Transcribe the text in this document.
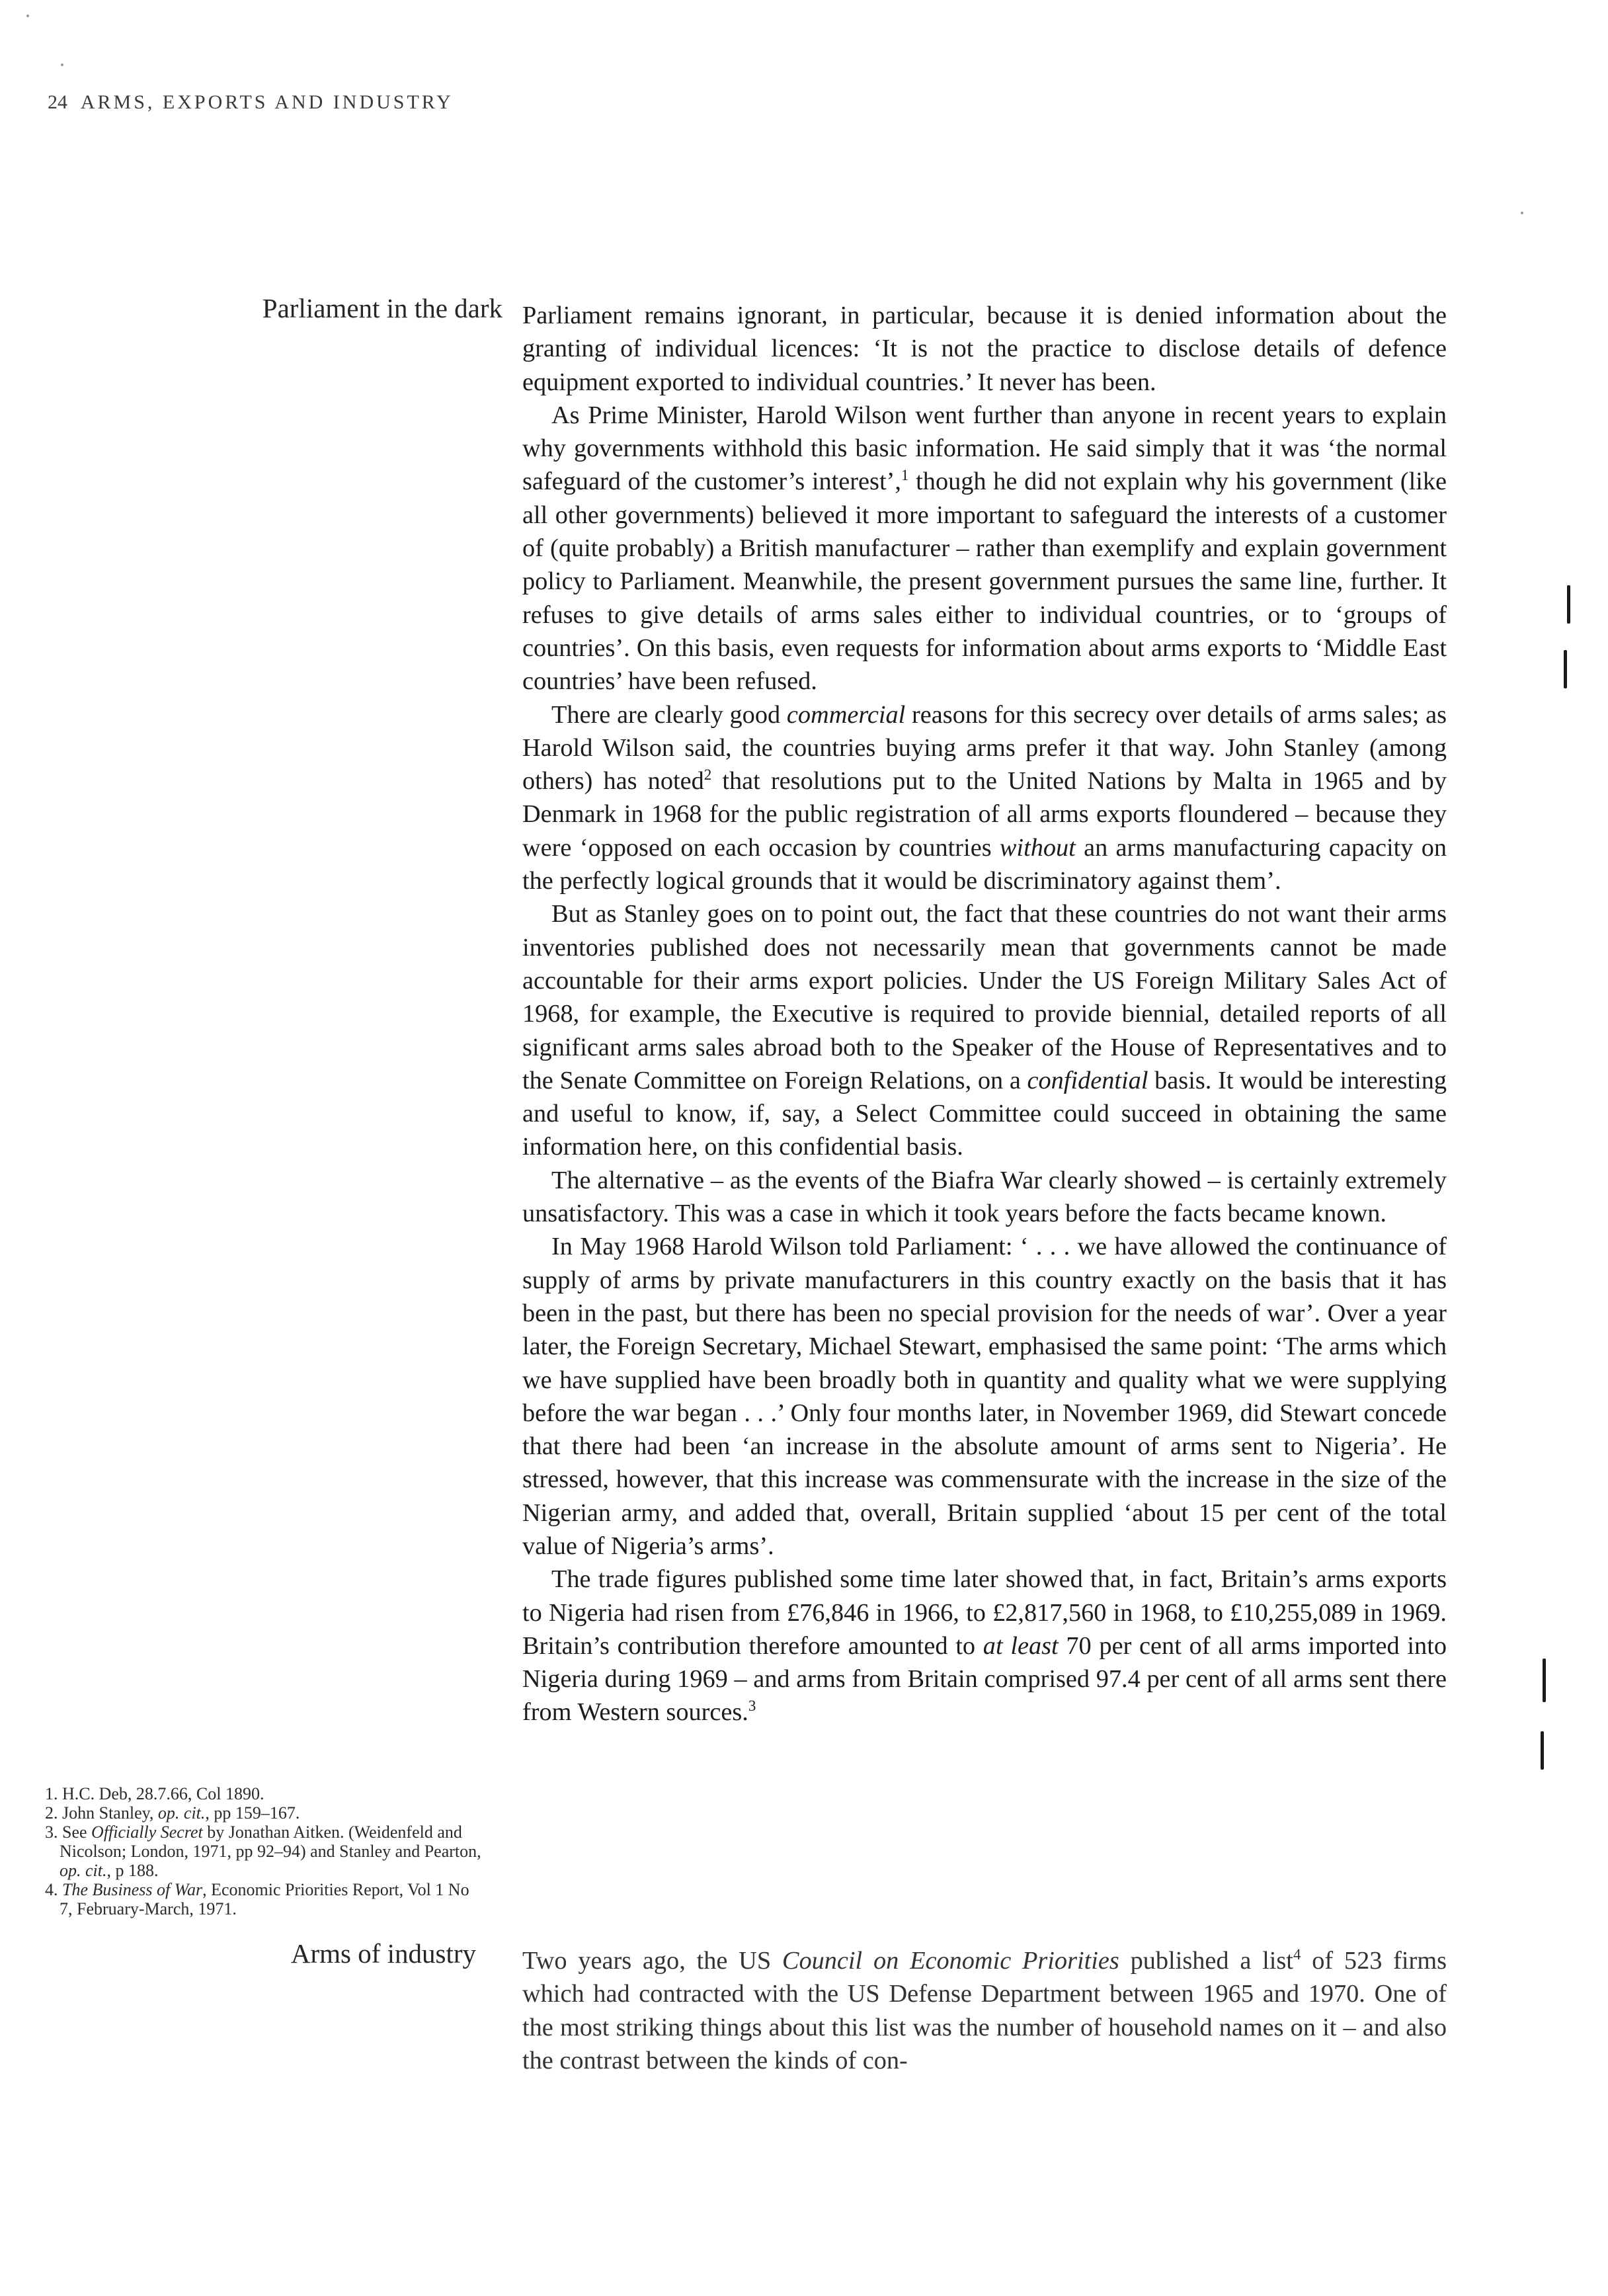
24 ARMS, EXPORTS AND INDUSTRY
Parliament in the dark Parliament remains ignorant, in particular, because it is denied information about the granting of individual licences: ‘It is not the practice to disclose details of defence equipment exported to individual countries.’ It never has been.

As Prime Minister, Harold Wilson went further than anyone in recent years to explain why governments withhold this basic information. He said simply that it was ‘the normal safeguard of the customer’s interest’,$^1$ though he did not explain why his government (like all other governments) believed it more important to safeguard the interests of a customer of (quite probably) a British manufacturer – rather than exemplify and explain government policy to Parliament. Meanwhile, the present government pursues the same line, further. It refuses to give details of arms sales either to individual countries, or to ‘groups of countries’. On this basis, even requests for information about arms exports to ‘Middle East countries’ have been refused.

There are clearly good commercial reasons for this secrecy over details of arms sales; as Harold Wilson said, the countries buying arms prefer it that way. John Stanley (among others) has noted$^2$ that resolutions put to the United Nations by Malta in 1965 and by Denmark in 1968 for the public registration of all arms exports floundered – because they were ‘opposed on each occasion by countries without an arms manufacturing capacity on the perfectly logical grounds that it would be discriminatory against them’.

But as Stanley goes on to point out, the fact that these countries do not want their arms inventories published does not necessarily mean that governments cannot be made accountable for their arms export policies. Under the US Foreign Military Sales Act of 1968, for example, the Executive is required to provide biennial, detailed reports of all significant arms sales abroad both to the Speaker of the House of Representatives and to the Senate Committee on Foreign Relations, on a confidential basis. It would be interesting and useful to know, if, say, a Select Committee could succeed in obtaining the same information here, on this confidential basis.

The alternative – as the events of the Biafra War clearly showed – is certainly extremely unsatisfactory. This was a case in which it took years before the facts became known.

In May 1968 Harold Wilson told Parliament: ‘ . . . we have allowed the continuance of supply of arms by private manufacturers in this country exactly on the basis that it has been in the past, but there has been no special provision for the needs of war’. Over a year later, the Foreign Secretary, Michael Stewart, emphasised the same point: ‘The arms which we have supplied have been broadly both in quantity and quality what we were supplying before the war began . . .’ Only four months later, in November 1969, did Stewart concede that there had been ‘an increase in the absolute amount of arms sent to Nigeria’. He stressed, however, that this increase was commensurate with the increase in the size of the Nigerian army, and added that, overall, Britain supplied ‘about 15 per cent of the total value of Nigeria’s arms’.

The trade figures published some time later showed that, in fact, Britain’s arms exports to Nigeria had risen from £76,846 in 1966, to £2,817,560 in 1968, to £10,255,089 in 1969. Britain’s contribution therefore amounted to at least 70 per cent of all arms imported into Nigeria during 1969 – and arms from Britain comprised 97.4 per cent of all arms sent there from Western sources.$^3$

1. H.C. Deb, 28.7.66, Col 1890.
2. John Stanley, op. cit., pp 159–167.
3. See Officially Secret by Jonathan Aitken. (Weidenfeld and Nicolson; London, 1971, pp 92–94) and Stanley and Pearton, op. cit., p 188.
4. The Business of War, Economic Priorities Report, Vol 1 No 7, February-March, 1971.
Arms of industry Two years ago, the US Council on Economic Priorities published a list$^4$ of 523 firms which had contracted with the US Defense Department between 1965 and 1970. One of the most striking things about this list was the number of household names on it – and also the contrast between the kinds of con-
